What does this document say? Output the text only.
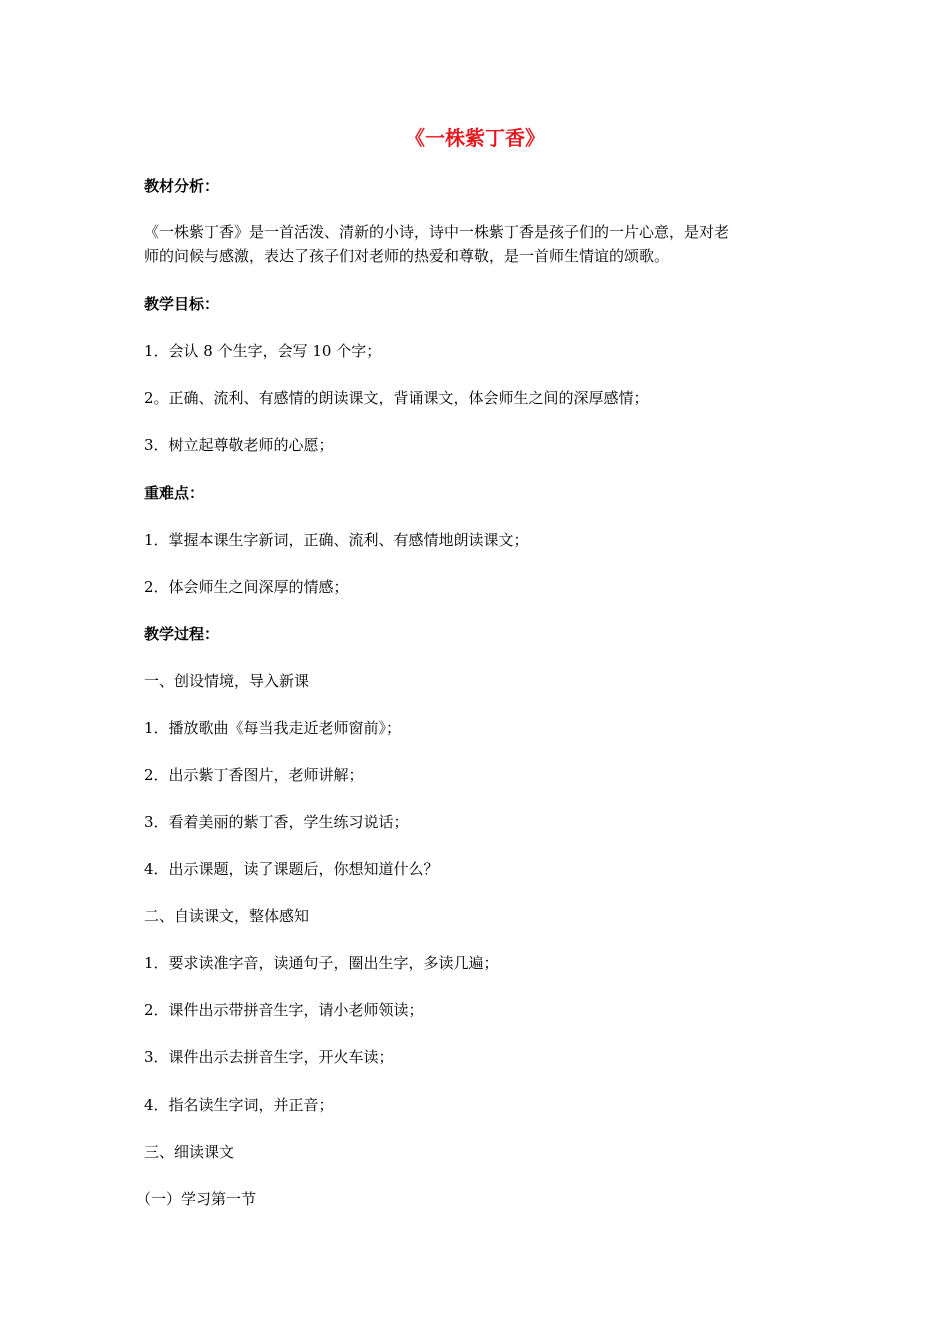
《一株紫丁香》
教材分析：
《一株紫丁香》是一首活泼、清新的小诗，诗中一株紫丁香是孩子们的一片心意，是对老
师的问候与感激，表达了孩子们对老师的热爱和尊敬，是一首师生情谊的颂歌。
教学目标：
1．会认 8 个生字，会写 10 个字；
2。正确、流利、有感情的朗读课文，背诵课文，体会师生之间的深厚感情；
3．树立起尊敬老师的心愿；
重难点：
1．掌握本课生字新词，正确、流利、有感情地朗读课文；
2．体会师生之间深厚的情感；
教学过程：
一、创设情境，导入新课
1．播放歌曲《每当我走近老师窗前》；
2．出示紫丁香图片，老师讲解；
3．看着美丽的紫丁香，学生练习说话；
4．出示课题，读了课题后，你想知道什么？
二、自读课文，整体感知
1．要求读准字音，读通句子，圈出生字，多读几遍；
2．课件出示带拼音生字，请小老师领读；
3．课件出示去拼音生字，开火车读；
4．指名读生字词，并正音；
三、细读课文
（一）学习第一节
